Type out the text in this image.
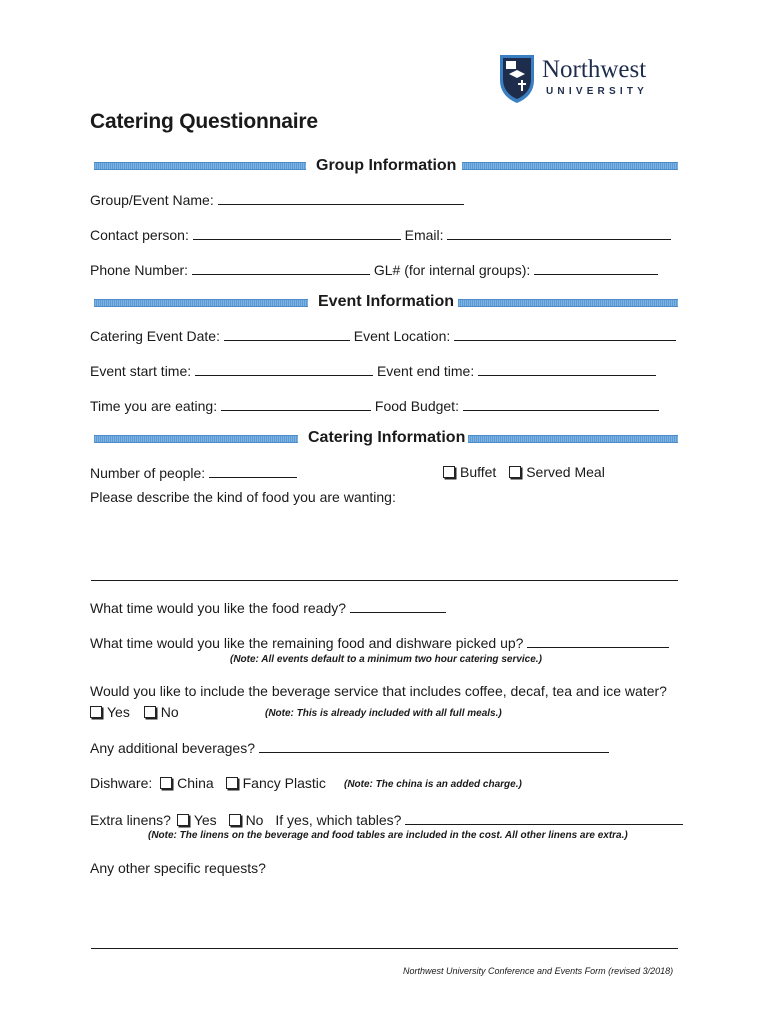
Northwest
UNIVERSITY
Catering Questionnaire
Group Information
Group/Event Name:
Contact person:	Email:
Phone Number:	GL# (for internal groups):
Event Information
Catering Event Date:	Event Location:
Event start time:	Event end time:
Time you are eating:	Food Budget:
Catering Information
Number of people:	Buffet Served Meal
Please describe the kind of food you are wanting:
What time would you like the food ready?
What time would you like the remaining food and dishware picked up?
(Note: All events default to a minimum two hour catering service.)
Would you like to include the beverage service that includes coffee, decaf, tea and ice water?
Yes No	(Note: This is already included with all full meals.)
Any additional beverages?
Dishware: China Fancy Plastic (Note: The china is an added charge.)
Extra linens? Yes No If yes, which tables?
(Note: The linens on the beverage and food tables are included in the cost. All other linens are extra.)
Any other specific requests?
Northwest University Conference and Events Form (revised 3/2018)
